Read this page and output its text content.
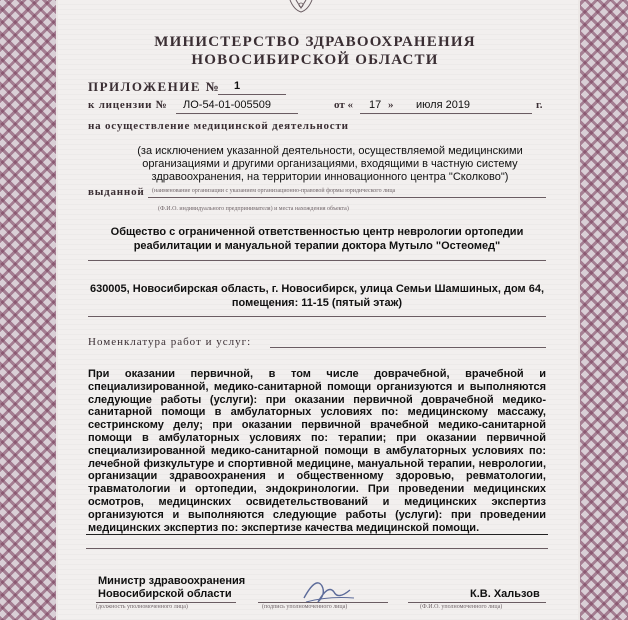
МИНИСТЕРСТВО ЗДРАВООХРАНЕНИЯ
НОВОСИБИРСКОЙ ОБЛАСТИ
ПРИЛОЖЕНИЕ № 1
к лицензии № ЛО-54-01-005509	от « 17 » июля 2019	г.
на осуществление медицинской деятельности
(за исключением указанной деятельности, осуществляемой медицинскими
организациями и другими организациями, входящими в частную систему
здравоохранения, на территории инновационного центра "Сколково")
выданной (наименование организации с указанием организационно-правовой формы юридического лица
(Ф.И.О. индивидуального предпринимателя) и места нахождения объекта)
Общество с ограниченной ответственностью центр неврологии ортопедии
реабилитации и мануальной терапии доктора Мутыло "Остеомед"
630005, Новосибирская область, г. Новосибирск, улица Семьи Шамшиных, дом 64,
помещения: 11-15 (пятый этаж)
Номенклатура работ и услуг:
При оказании первичной, в том числе доврачебной, врачебной и
специализированной, медико-санитарной помощи организуются и выполняются
следующие работы (услуги): при оказании первичной доврачебной медико-
санитарной помощи в амбулаторных условиях по: медицинскому массажу,
сестринскому делу; при оказании первичной врачебной медико-санитарной
помощи в амбулаторных условиях по: терапии; при оказании первичной
специализированной медико-санитарной помощи в амбулаторных условиях по:
лечебной физкультуре и спортивной медицине, мануальной терапии, неврологии,
организации здравоохранения и общественному здоровью, ревматологии,
травматологии и ортопедии, эндокринологии. При проведении медицинских
осмотров, медицинских освидетельствований и медицинских экспертиз
организуются и выполняются следующие работы (услуги): при проведении
медицинских экспертиз по: экспертизе качества медицинской помощи.
Министр здравоохранения
Новосибирской области
(должность уполномоченного лица)	(подпись уполномоченного лица)
К.В. Хальзов
(Ф.И.О. уполномоченного лица)
